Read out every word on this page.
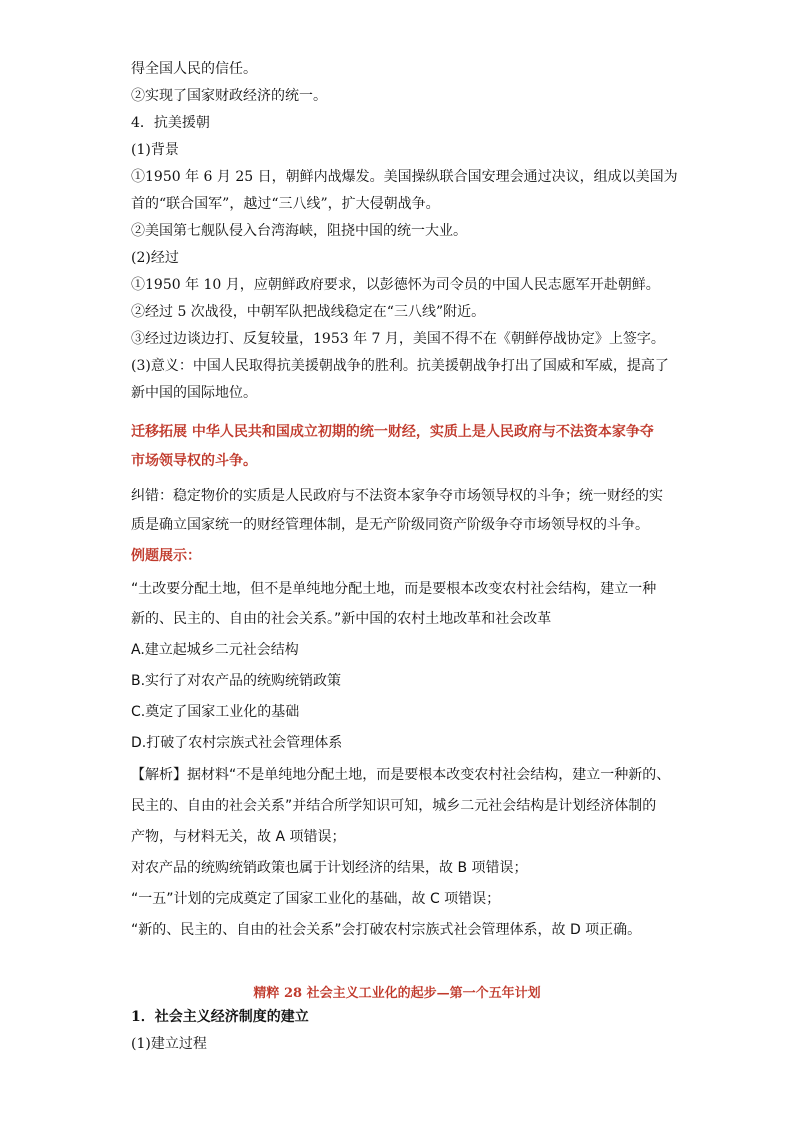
得全国人民的信任。
②实现了国家财政经济的统一。
4．抗美援朝
(1)背景
①1950 年 6 月 25 日，朝鲜内战爆发。美国操纵联合国安理会通过决议，组成以美国为
首的“联合国军”，越过“三八线”，扩大侵朝战争。
②美国第七舰队侵入台湾海峡，阻挠中国的统一大业。
(2)经过
①1950 年 10 月，应朝鲜政府要求，以彭德怀为司令员的中国人民志愿军开赴朝鲜。
②经过 5 次战役，中朝军队把战线稳定在“三八线”附近。
③经过边谈边打、反复较量，1953 年 7 月，美国不得不在《朝鲜停战协定》上签字。
(3)意义：中国人民取得抗美援朝战争的胜利。抗美援朝战争打出了国威和军威，提高了
新中国的国际地位。
迁移拓展 中华人民共和国成立初期的统一财经，实质上是人民政府与不法资本家争夺
市场领导权的斗争。
纠错：稳定物价的实质是人民政府与不法资本家争夺市场领导权的斗争；统一财经的实
质是确立国家统一的财经管理体制，是无产阶级同资产阶级争夺市场领导权的斗争。
例题展示：
“土改要分配土地，但不是单纯地分配土地，而是要根本改变农村社会结构，建立一种
新的、民主的、自由的社会关系。”新中国的农村土地改革和社会改革
A.建立起城乡二元社会结构
B.实行了对农产品的统购统销政策
C.奠定了国家工业化的基础
D.打破了农村宗族式社会管理体系
【解析】据材料“不是单纯地分配土地，而是要根本改变农村社会结构，建立一种新的、
民主的、自由的社会关系”并结合所学知识可知，城乡二元社会结构是计划经济体制的
产物，与材料无关，故 A 项错误；
对农产品的统购统销政策也属于计划经济的结果，故 B 项错误；
“一五”计划的完成奠定了国家工业化的基础，故 C 项错误；
“新的、民主的、自由的社会关系”会打破农村宗族式社会管理体系，故 D 项正确。
精粹 28 社会主义工业化的起步—第一个五年计划
1．社会主义经济制度的建立
(1)建立过程
